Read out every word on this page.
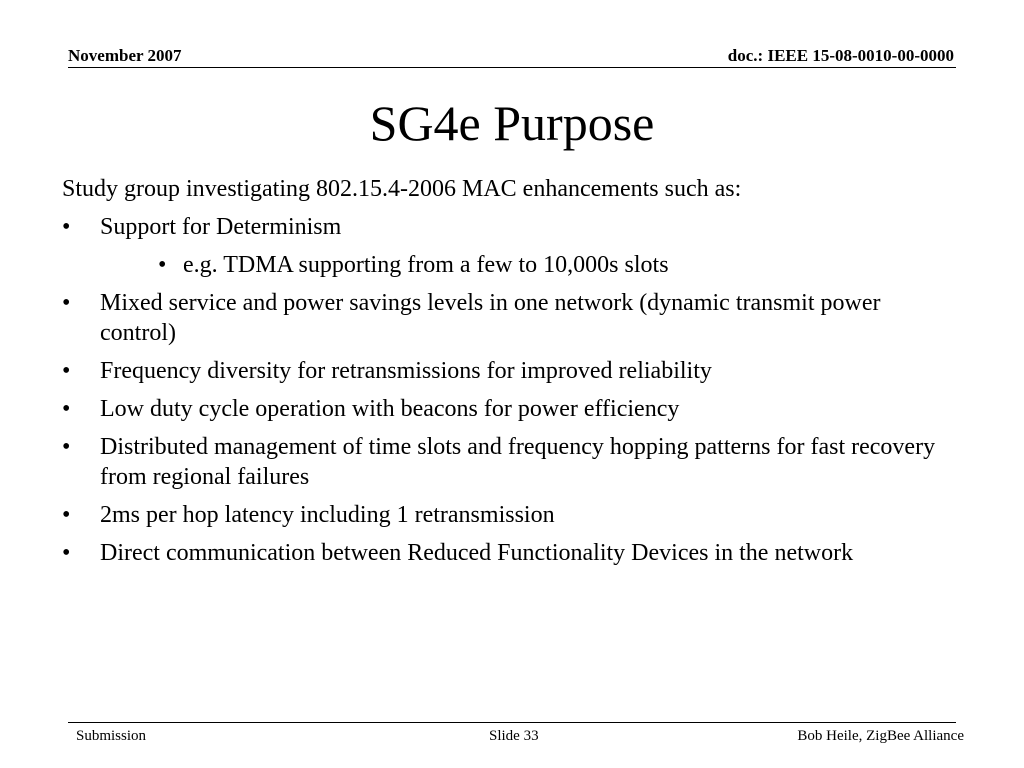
November 2007	doc.: IEEE 15-08-0010-00-0000
SG4e Purpose

Study group investigating 802.15.4-2006 MAC enhancements such as:

• Support for Determinism
• e.g. TDMA supporting from a few to 10,000s slots
• Mixed service and power savings levels in one network (dynamic transmit power control)
• Frequency diversity for retransmissions for improved reliability
• Low duty cycle operation with beacons for power efficiency
• Distributed management of time slots and frequency hopping patterns for fast recovery from regional failures
• 2ms per hop latency including 1 retransmission
• Direct communication between Reduced Functionality Devices in the network
Submission	Slide 33	Bob Heile, ZigBee Alliance
